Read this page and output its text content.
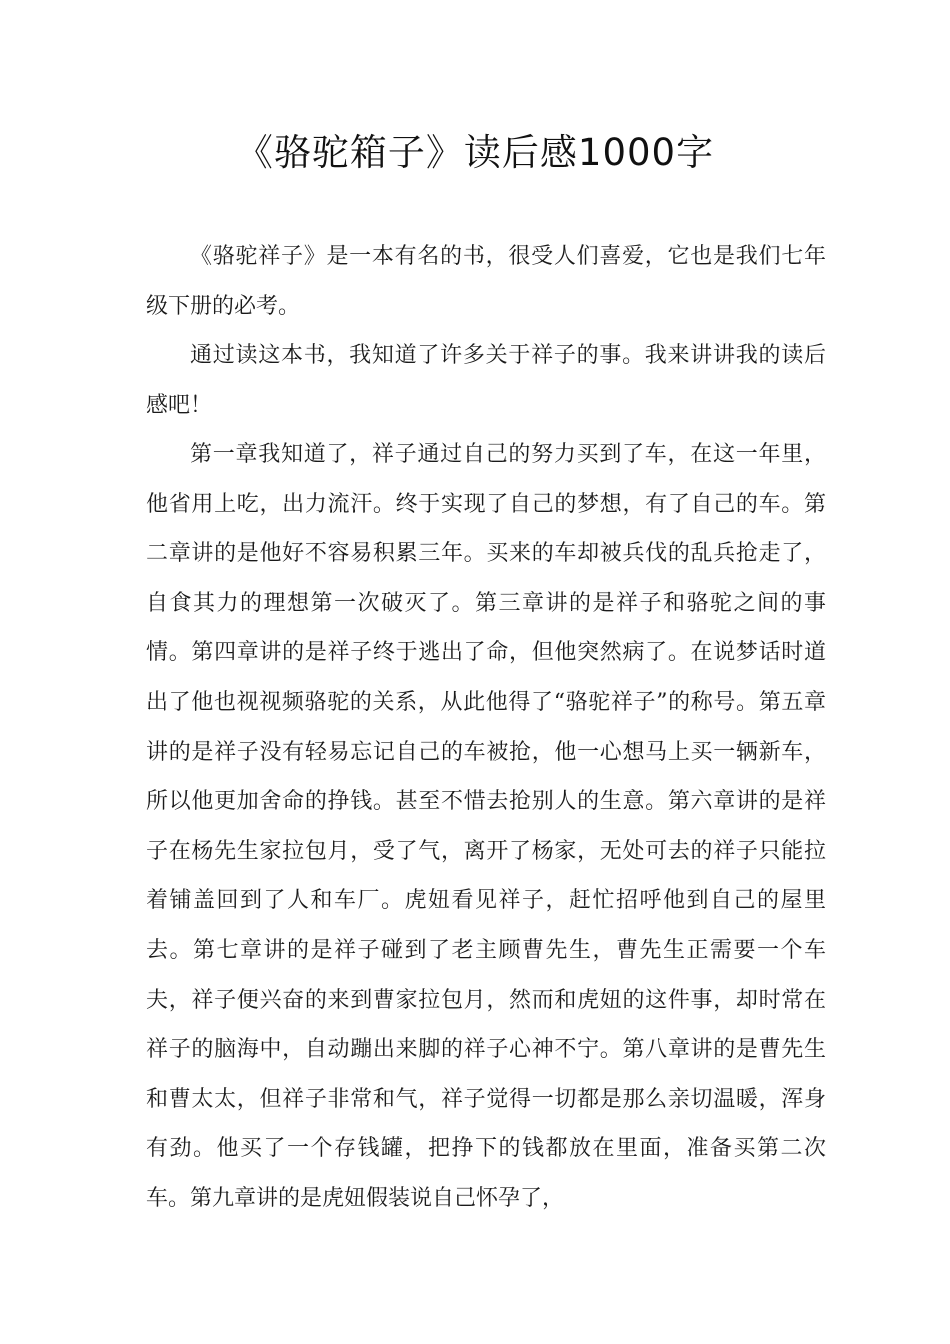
《骆驼箱子》读后感1000字

《骆驼祥子》是一本有名的书，很受人们喜爱，它也是我们七年级下册的必考。

通过读这本书，我知道了许多关于祥子的事。我来讲讲我的读后感吧！

第一章我知道了，祥子通过自己的努力买到了车，在这一年里，他省用上吃，出力流汗。终于实现了自己的梦想，有了自己的车。第二章讲的是他好不容易积累三年。买来的车却被兵伐的乱兵抢走了，自食其力的理想第一次破灭了。第三章讲的是祥子和骆驼之间的事情。第四章讲的是祥子终于逃出了命，但他突然病了。在说梦话时道出了他也视视频骆驼的关系，从此他得了“骆驼祥子”的称号。第五章讲的是祥子没有轻易忘记自己的车被抢，他一心想马上买一辆新车，所以他更加舍命的挣钱。甚至不惜去抢别人的生意。第六章讲的是祥子在杨先生家拉包月，受了气，离开了杨家，无处可去的祥子只能拉着铺盖回到了人和车厂。虎妞看见祥子，赶忙招呼他到自己的屋里去。第七章讲的是祥子碰到了老主顾曹先生，曹先生正需要一个车夫，祥子便兴奋的来到曹家拉包月，然而和虎妞的这件事，却时常在祥子的脑海中，自动蹦出来脚的祥子心神不宁。第八章讲的是曹先生和曹太太，但祥子非常和气，祥子觉得一切都是那么亲切温暖，浑身有劲。他买了一个存钱罐，把挣下的钱都放在里面，准备买第二次车。第九章讲的是虎妞假装说自己怀孕了，
